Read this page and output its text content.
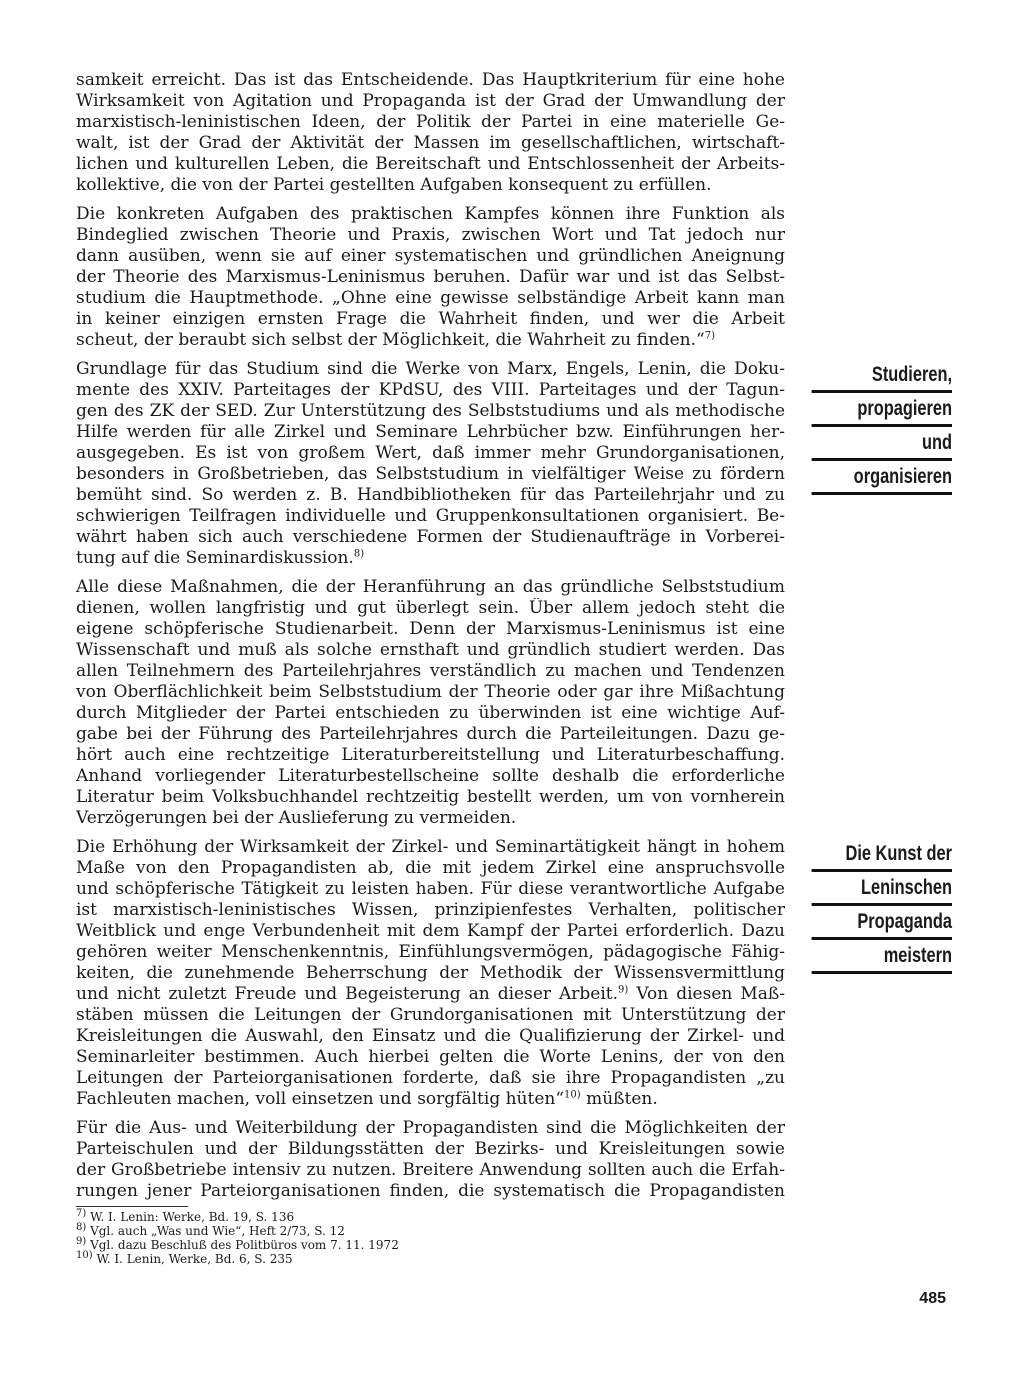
samkeit erreicht. Das ist das Entscheidende. Das Hauptkriterium für eine hohe
Wirksamkeit von Agitation und Propaganda ist der Grad der Umwandlung der
marxistisch-leninistischen Ideen, der Politik der Partei in eine materielle Ge-
walt, ist der Grad der Aktivität der Massen im gesellschaftlichen, wirtschaft-
lichen und kulturellen Leben, die Bereitschaft und Entschlossenheit der Arbeits-
kollektive, die von der Partei gestellten Aufgaben konsequent zu erfüllen.
Die konkreten Aufgaben des praktischen Kampfes können ihre Funktion als
Bindeglied zwischen Theorie und Praxis, zwischen Wort und Tat jedoch nur
dann ausüben, wenn sie auf einer systematischen und gründlichen Aneignung
der Theorie des Marxismus-Leninismus beruhen. Dafür war und ist das Selbst-
studium die Hauptmethode. „Ohne eine gewisse selbständige Arbeit kann man
in keiner einzigen ernsten Frage die Wahrheit finden, und wer die Arbeit
scheut, der beraubt sich selbst der Möglichkeit, die Wahrheit zu finden.“$^{7)}$
Grundlage für das Studium sind die Werke von Marx, Engels, Lenin, die Doku-
mente des XXIV. Parteitages der KPdSU, des VIII. Parteitages und der Tagun-
gen des ZK der SED. Zur Unterstützung des Selbststudiums und als methodische
Hilfe werden für alle Zirkel und Seminare Lehrbücher bzw. Einführungen her-
ausgegeben. Es ist von großem Wert, daß immer mehr Grundorganisationen,
besonders in Großbetrieben, das Selbststudium in vielfältiger Weise zu fördern
bemüht sind. So werden z. B. Handbibliotheken für das Parteilehrjahr und zu
schwierigen Teilfragen individuelle und Gruppenkonsultationen organisiert. Be-
währt haben sich auch verschiedene Formen der Studienaufträge in Vorberei-
tung auf die Seminardiskussion.$^{8)}$
Alle diese Maßnahmen, die der Heranführung an das gründliche Selbststudium
dienen, wollen langfristig und gut überlegt sein. Über allem jedoch steht die
eigene schöpferische Studienarbeit. Denn der Marxismus-Leninismus ist eine
Wissenschaft und muß als solche ernsthaft und gründlich studiert werden. Das
allen Teilnehmern des Parteilehrjahres verständlich zu machen und Tendenzen
von Oberflächlichkeit beim Selbststudium der Theorie oder gar ihre Mißachtung
durch Mitglieder der Partei entschieden zu überwinden ist eine wichtige Auf-
gabe bei der Führung des Parteilehrjahres durch die Parteileitungen. Dazu ge-
hört auch eine rechtzeitige Literaturbereitstellung und Literaturbeschaffung.
Anhand vorliegender Literaturbestellscheine sollte deshalb die erforderliche
Literatur beim Volksbuchhandel rechtzeitig bestellt werden, um von vornherein
Verzögerungen bei der Auslieferung zu vermeiden.
Die Erhöhung der Wirksamkeit der Zirkel- und Seminartätigkeit hängt in hohem
Maße von den Propagandisten ab, die mit jedem Zirkel eine anspruchsvolle
und schöpferische Tätigkeit zu leisten haben. Für diese verantwortliche Aufgabe
ist marxistisch-leninistisches Wissen, prinzipienfestes Verhalten, politischer
Weitblick und enge Verbundenheit mit dem Kampf der Partei erforderlich. Dazu
gehören weiter Menschenkenntnis, Einfühlungsvermögen, pädagogische Fähig-
keiten, die zunehmende Beherrschung der Methodik der Wissensvermittlung
und nicht zuletzt Freude und Begeisterung an dieser Arbeit.$^{9)}$ Von diesen Maß-
stäben müssen die Leitungen der Grundorganisationen mit Unterstützung der
Kreisleitungen die Auswahl, den Einsatz und die Qualifizierung der Zirkel- und
Seminarleiter bestimmen. Auch hierbei gelten die Worte Lenins, der von den
Leitungen der Parteiorganisationen forderte, daß sie ihre Propagandisten „zu
Fachleuten machen, voll einsetzen und sorgfältig hüten“$^{10)}$ müßten.
Für die Aus- und Weiterbildung der Propagandisten sind die Möglichkeiten der
Parteischulen und der Bildungsstätten der Bezirks- und Kreisleitungen sowie
der Großbetriebe intensiv zu nutzen. Breitere Anwendung sollten auch die Erfah-
rungen jener Parteiorganisationen finden, die systematisch die Propagandisten
Studieren,
propagieren
und
organisieren
Die Kunst der
Leninschen
Propaganda
meistern
$^{7)}$ W. I. Lenin: Werke, Bd. 19, S. 136
$^{8)}$ Vgl. auch „Was und Wie“, Heft 2/73, S. 12
$^{9)}$ Vgl. dazu Beschluß des Politbüros vom 7. 11. 1972
$^{10)}$ W. I. Lenin, Werke, Bd. 6, S. 235
485
